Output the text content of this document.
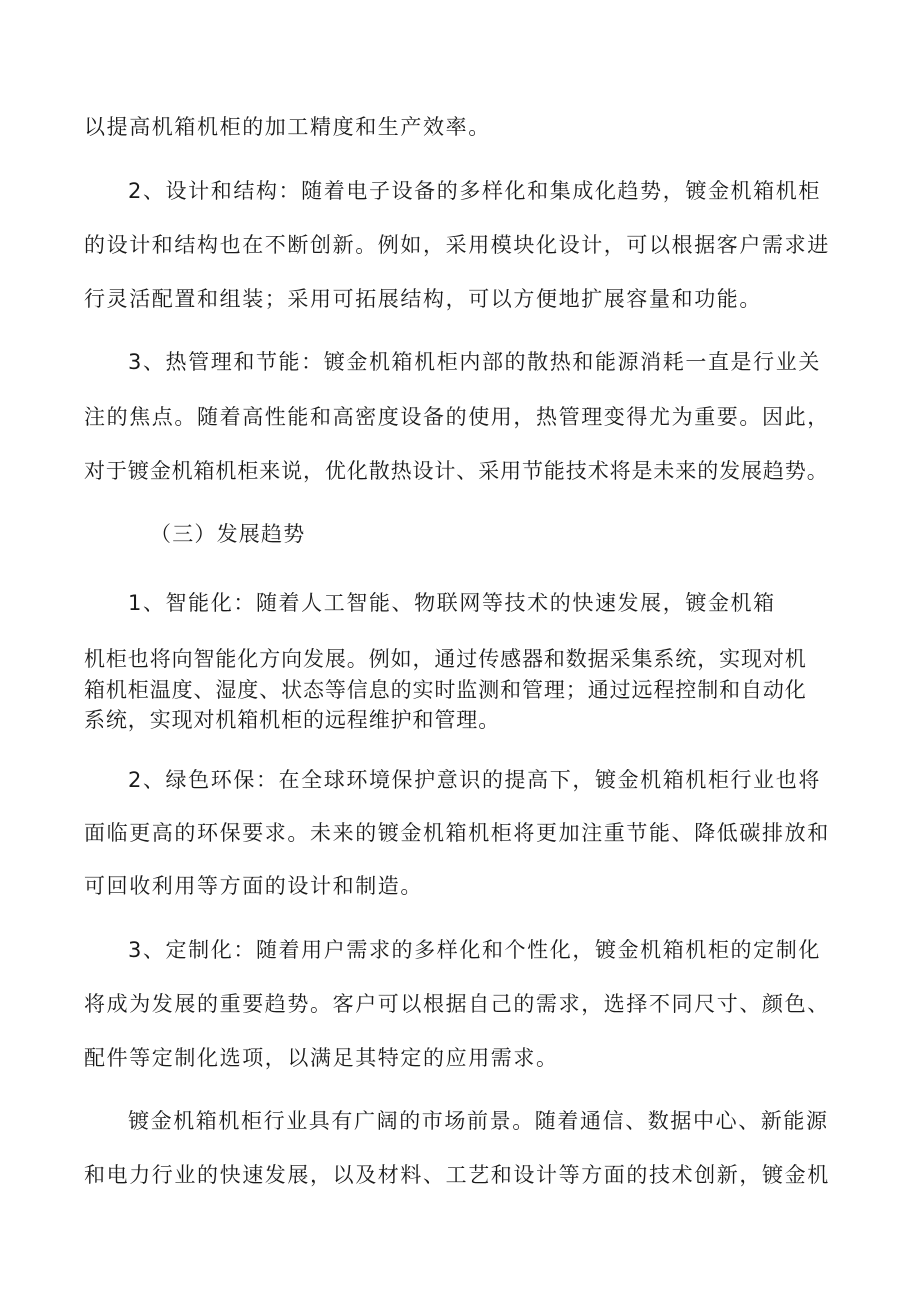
以提高机箱机柜的加工精度和生产效率。
2、设计和结构：随着电子设备的多样化和集成化趋势，镀金机箱机柜
的设计和结构也在不断创新。例如，采用模块化设计，可以根据客户需求进
行灵活配置和组装；采用可拓展结构，可以方便地扩展容量和功能。
3、热管理和节能：镀金机箱机柜内部的散热和能源消耗一直是行业关
注的焦点。随着高性能和高密度设备的使用，热管理变得尤为重要。因此，
对于镀金机箱机柜来说，优化散热设计、采用节能技术将是未来的发展趋势。
（三）发展趋势
1、智能化：随着人工智能、物联网等技术的快速发展，镀金机箱
机柜也将向智能化方向发展。例如，通过传感器和数据采集系统，实现对机
箱机柜温度、湿度、状态等信息的实时监测和管理；通过远程控制和自动化
系统，实现对机箱机柜的远程维护和管理。
2、绿色环保：在全球环境保护意识的提高下，镀金机箱机柜行业也将
面临更高的环保要求。未来的镀金机箱机柜将更加注重节能、降低碳排放和
可回收利用等方面的设计和制造。
3、定制化：随着用户需求的多样化和个性化，镀金机箱机柜的定制化
将成为发展的重要趋势。客户可以根据自己的需求，选择不同尺寸、颜色、
配件等定制化选项，以满足其特定的应用需求。
镀金机箱机柜行业具有广阔的市场前景。随着通信、数据中心、新能源
和电力行业的快速发展，以及材料、工艺和设计等方面的技术创新，镀金机
